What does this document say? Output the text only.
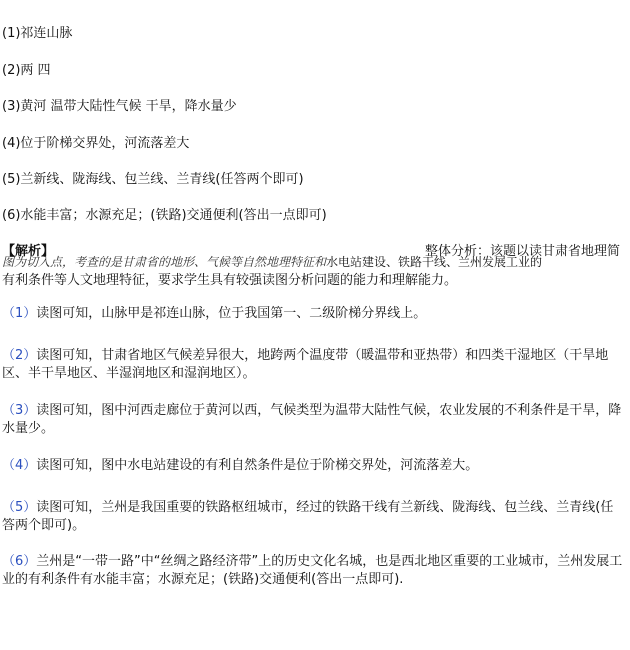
(1)祁连山脉
(2)两 四
(3)黄河 温带大陆性气候 干旱，降水量少
(4)位于阶梯交界处，河流落差大
(5)兰新线、陇海线、包兰线、兰青线(任答两个即可)
(6)水能丰富；水源充足；(铁路)交通便利(答出一点即可)
【解析】	整体分析：该题以读甘肃省地理简
图为切入点，考查的是甘肃省的地形、气候等自然地理特征和水电站建设、铁路干线、兰州发展工业的
有利条件等人文地理特征，要求学生具有较强读图分析问题的能力和理解能力。
（1）读图可知，山脉甲是祁连山脉，位于我国第一、二级阶梯分界线上。
（2）读图可知，甘肃省地区气候差异很大，地跨两个温度带（暖温带和亚热带）和四类干湿地区（干旱地区、半干旱地区、半湿润地区和湿润地区）。
（3）读图可知，图中河西走廊位于黄河以西，气候类型为温带大陆性气候，农业发展的不利条件是干旱，降水量少。
（4）读图可知，图中水电站建设的有利自然条件是位于阶梯交界处，河流落差大。
（5）读图可知，兰州是我国重要的铁路枢纽城市，经过的铁路干线有兰新线、陇海线、包兰线、兰青线(任答两个即可)。
（6）兰州是“一带一路”中“丝绸之路经济带”上的历史文化名城，也是西北地区重要的工业城市，兰州发展工业的有利条件有水能丰富；水源充足；(铁路)交通便利(答出一点即可).
